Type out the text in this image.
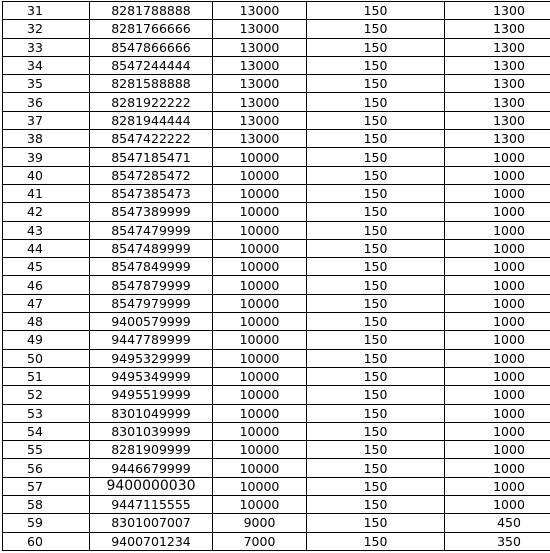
31	8281788888	13000	150	1300
32	8281766666	13000	150	1300
33	8547866666	13000	150	1300
34	8547244444	13000	150	1300
35	8281588888	13000	150	1300
36	8281922222	13000	150	1300
37	8281944444	13000	150	1300
38	8547422222	13000	150	1300
39	8547185471	10000	150	1000
40	8547285472	10000	150	1000
41	8547385473	10000	150	1000
42	8547389999	10000	150	1000
43	8547479999	10000	150	1000
44	8547489999	10000	150	1000
45	8547849999	10000	150	1000
46	8547879999	10000	150	1000
47	8547979999	10000	150	1000
48	9400579999	10000	150	1000
49	9447789999	10000	150	1000
50	9495329999	10000	150	1000
51	9495349999	10000	150	1000
52	9495519999	10000	150	1000
53	8301049999	10000	150	1000
54	8301039999	10000	150	1000
55	8281909999	10000	150	1000
56	9446679999	10000	150	1000
57	9400000030	10000	150	1000
58	9447115555	10000	150	1000
59	8301007007	9000	150	450
60	9400701234	7000	150	350
